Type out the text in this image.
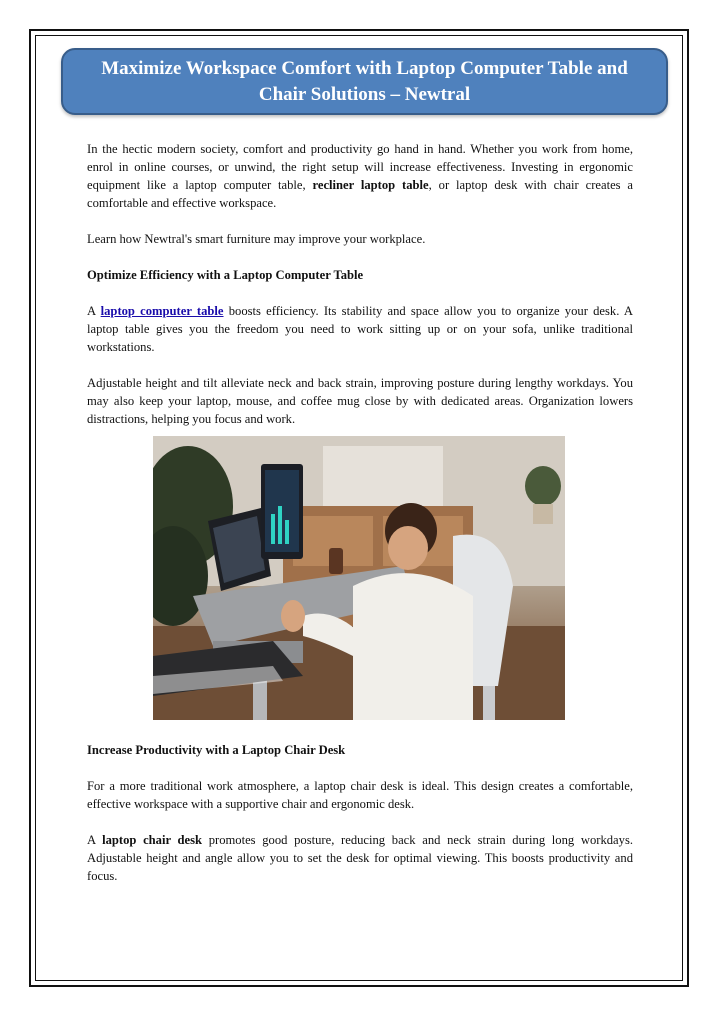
Maximize Workspace Comfort with Laptop Computer Table and Chair Solutions – Newtral

In the hectic modern society, comfort and productivity go hand in hand. Whether you work from home, enrol in online courses, or unwind, the right setup will increase effectiveness. Investing in ergonomic equipment like a laptop computer table, recliner laptop table, or laptop desk with chair creates a comfortable and effective workspace.

Learn how Newtral's smart furniture may improve your workplace.

Optimize Efficiency with a Laptop Computer Table

A laptop computer table boosts efficiency. Its stability and space allow you to organize your desk. A laptop table gives you the freedom you need to work sitting up or on your sofa, unlike traditional workstations.

Adjustable height and tilt alleviate neck and back strain, improving posture during lengthy workdays. You may also keep your laptop, mouse, and coffee mug close by with dedicated areas. Organization lowers distractions, helping you focus and work.

Increase Productivity with a Laptop Chair Desk

For a more traditional work atmosphere, a laptop chair desk is ideal. This design creates a comfortable, effective workspace with a supportive chair and ergonomic desk.

A laptop chair desk promotes good posture, reducing back and neck strain during long workdays. Adjustable height and angle allow you to set the desk for optimal viewing. This boosts productivity and focus.
